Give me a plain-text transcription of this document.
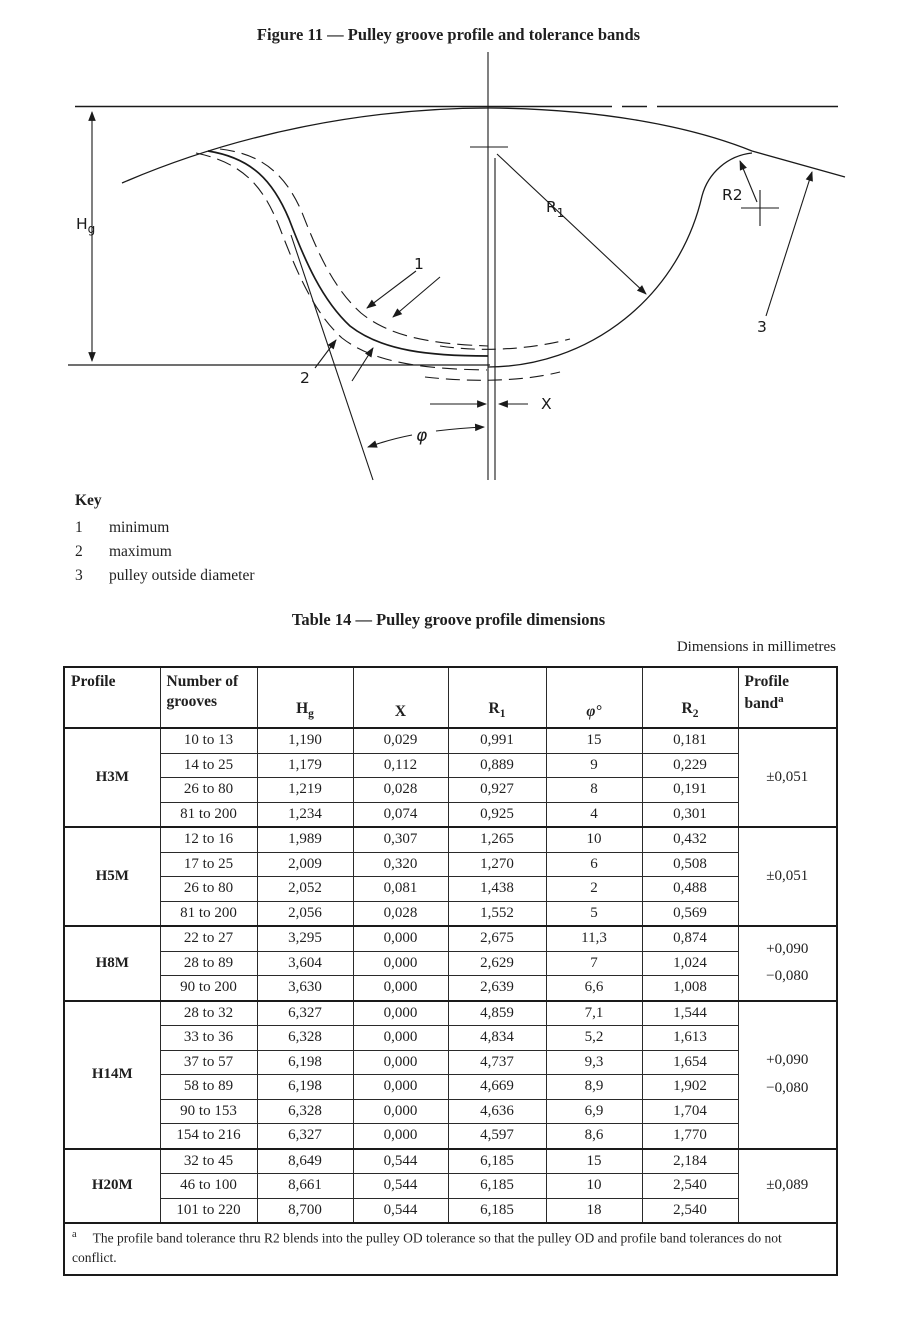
Figure 11 — Pulley groove profile and tolerance bands
$H_g$
$R_1$
R2
X
φ
1
2
3
Key
1 minimum
2 maximum
3 pulley outside diameter
Table 14 — Pulley groove profile dimensions
Dimensions in millimetres
Profile	Number of grooves	$H_g$	X	$R_1$	φ°	$R_2$	Profile band$^a$
H3M	10 to 13	1,190	0,029	0,991	15	0,181	±0,051

	14 to 25	1,179	0,112	0,889	9	0,229	
	26 to 80	1,219	0,028	0,927	8	0,191	
	81 to 200	1,234	0,074	0,925	4	0,301	
H5M	12 to 16	1,989	0,307	1,265	10	0,432	±0,051

	17 to 25	2,009	0,320	1,270	6	0,508	
	26 to 80	2,052	0,081	1,438	2	0,488	
	81 to 200	2,056	0,028	1,552	5	0,569	
H8M	22 to 27	3,295	0,000	2,675	11,3	0,874	+0,090
−0,080

	28 to 89	3,604	0,000	2,629	7	1,024	
	90 to 200	3,630	0,000	2,639	6,6	1,008	
H14M	28 to 32	6,327	0,000	4,859	7,1	1,544	+0,090
−0,080

	33 to 36	6,328	0,000	4,834	5,2	1,613	
	37 to 57	6,198	0,000	4,737	9,3	1,654	
	58 to 89	6,198	0,000	4,669	8,9	1,902	
	90 to 153	6,328	0,000	4,636	6,9	1,704	
	154 to 216	6,327	0,000	4,597	8,6	1,770	
H20M	32 to 45	8,649	0,544	6,185	15	2,184	±0,089

	46 to 100	8,661	0,544	6,185	10	2,540	
	101 to 220	8,700	0,544	6,185	18	2,540	
$^a$ The profile band tolerance thru R2 blends into the pulley OD tolerance so that the pulley OD and profile band tolerances do not conflict.							
